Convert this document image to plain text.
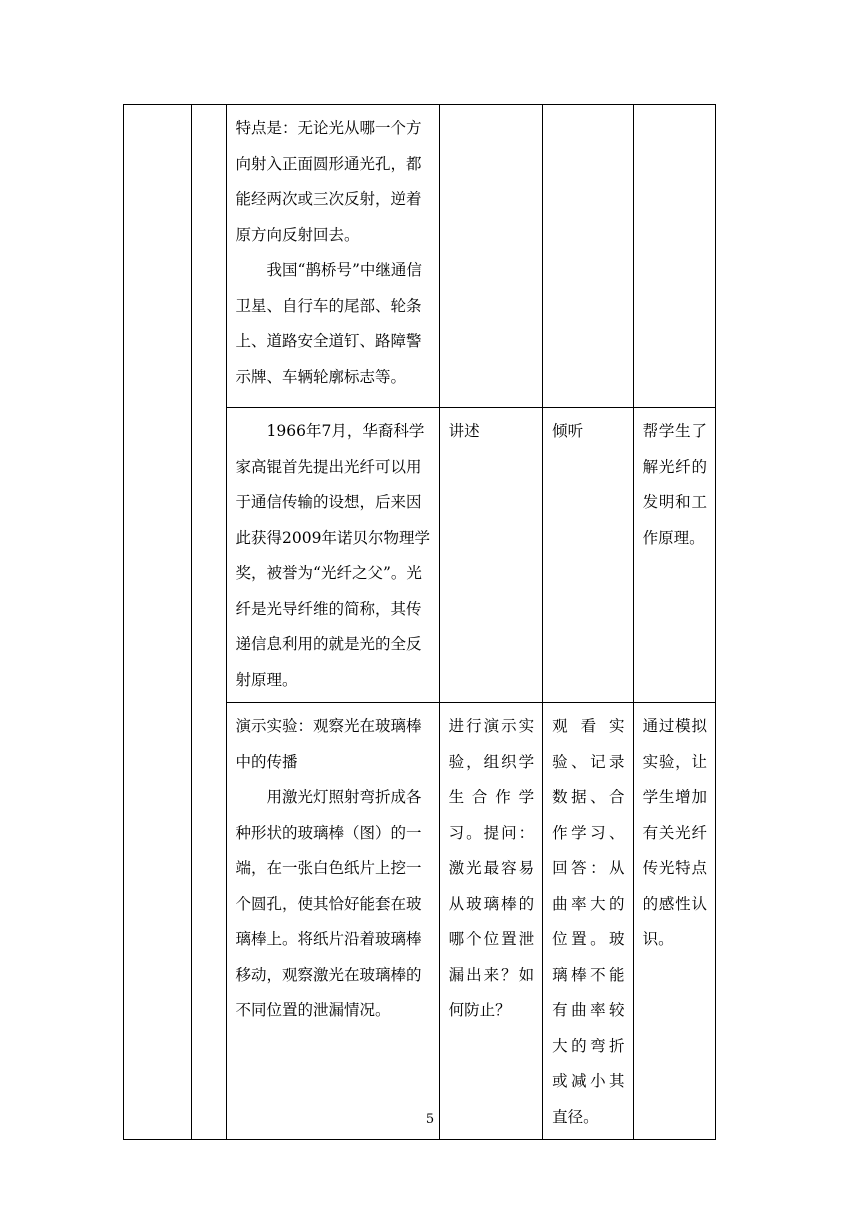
		特点是：无论光从哪一个方向射入正面圆形通光孔，都能经两次或三次反射，逆着原方向反射回去。

我国“鹊桥号”中继通信卫星、自行车的尾部、轮条上、道路安全道钉、路障警示牌、车辆轮廓标志等。			

		1966年7月，华裔科学家高锟首先提出光纤可以用于通信传输的设想，后来因此获得2009年诺贝尔物理学奖，被誉为“光纤之父”。光纤是光导纤维的简称，其传递信息利用的就是光的全反射原理。	讲述	倾听	帮学生了解光纤的发明和工作原理。

		演示实验：观察光在玻璃棒中的传播

用激光灯照射弯折成各种形状的玻璃棒（图）的一端，在一张白色纸片上挖一个圆孔，使其恰好能套在玻璃棒上。将纸片沿着玻璃棒移动，观察激光在玻璃棒的不同位置的泄漏情况。	进行演示实验，组织学生合作学习。提问：激光最容易从玻璃棒的哪个位置泄漏出来？如何防止？	观看实验、记录数据、合作学习、回答：从曲率大的位置。玻璃棒不能有曲率较大的弯折或减小其直径。	通过模拟实验，让学生增加有关光纤传光特点的感性认识。

5
